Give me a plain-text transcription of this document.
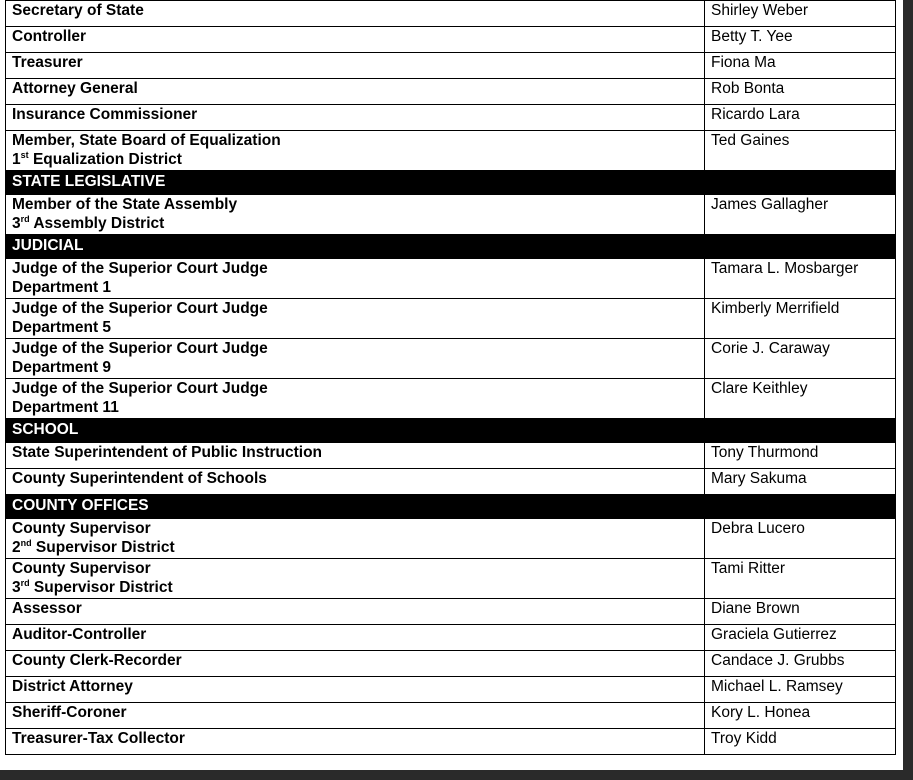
Secretary of State	Shirley Weber
Controller	Betty T. Yee
Treasurer	Fiona Ma
Attorney General	Rob Bonta
Insurance Commissioner	Ricardo Lara
Member, State Board of Equalization
1st Equalization District	Ted Gaines
STATE LEGISLATIVE	
Member of the State Assembly
3rd Assembly District	James Gallagher
JUDICIAL	
Judge of the Superior Court Judge
Department 1	Tamara L. Mosbarger
Judge of the Superior Court Judge
Department 5	Kimberly Merrifield
Judge of the Superior Court Judge
Department 9	Corie J. Caraway
Judge of the Superior Court Judge
Department 11	Clare Keithley
SCHOOL	
State Superintendent of Public Instruction	Tony Thurmond
County Superintendent of Schools	Mary Sakuma
COUNTY OFFICES	
County Supervisor
2nd Supervisor District	Debra Lucero
County Supervisor
3rd Supervisor District	Tami Ritter
Assessor	Diane Brown
Auditor-Controller	Graciela Gutierrez
County Clerk-Recorder	Candace J. Grubbs
District Attorney	Michael L. Ramsey
Sheriff-Coroner	Kory L. Honea
Treasurer-Tax Collector	Troy Kidd
